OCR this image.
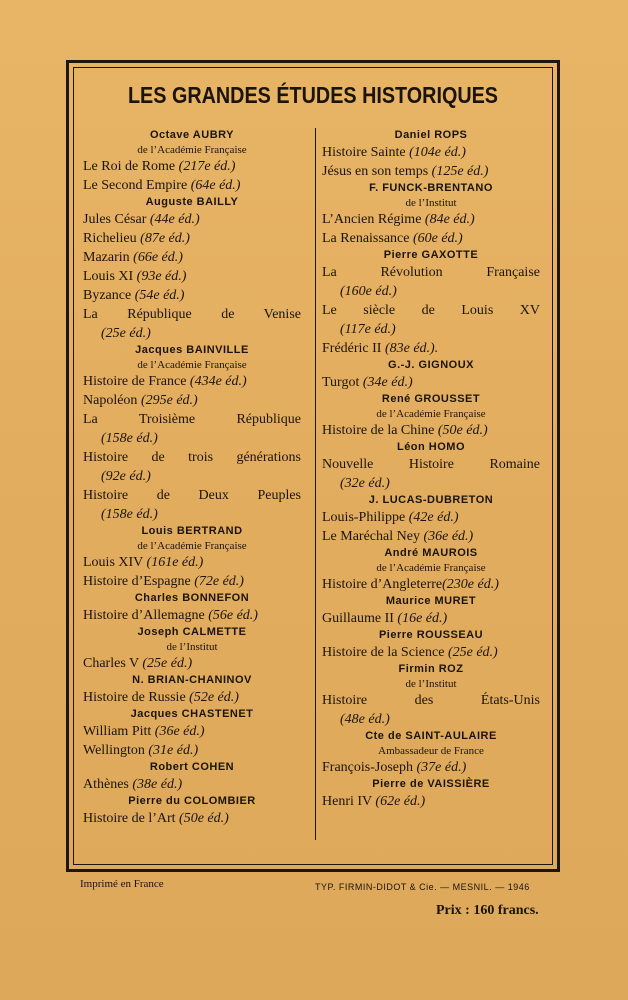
LES GRANDES ÉTUDES HISTORIQUES
Octave AUBRY
de l’Académie Française
Le Roi de Rome (217e éd.)
Le Second Empire (64e éd.)
Auguste BAILLY
Jules César (44e éd.)
Richelieu (87e éd.)
Mazarin (66e éd.)
Louis XI (93e éd.)
Byzance (54e éd.)
La République de Venise
(25e éd.)
Jacques BAINVILLE
de l’Académie Française
Histoire de France (434e éd.)
Napoléon (295e éd.)
La Troisième République
(158e éd.)
Histoire de trois générations
(92e éd.)
Histoire de Deux Peuples
(158e éd.)
Louis BERTRAND
de l’Académie Française
Louis XIV (161e éd.)
Histoire d’Espagne (72e éd.)
Charles BONNEFON
Histoire d’Allemagne (56e éd.)
Joseph CALMETTE
de l’Institut
Charles V (25e éd.)
N. BRIAN-CHANINOV
Histoire de Russie (52e éd.)
Jacques CHASTENET
William Pitt (36e éd.)
Wellington (31e éd.)
Robert COHEN
Athènes (38e éd.)
Pierre du COLOMBIER
Histoire de l’Art (50e éd.)
Daniel ROPS
Histoire Sainte (104e éd.)
Jésus en son temps (125e éd.)
F. FUNCK-BRENTANO
de l’Institut
L’Ancien Régime (84e éd.)
La Renaissance (60e éd.)
Pierre GAXOTTE
La Révolution Française
(160e éd.)
Le siècle de Louis XV
(117e éd.)
Frédéric II (83e éd.).
G.-J. GIGNOUX
Turgot (34e éd.)
René GROUSSET
de l’Académie Française
Histoire de la Chine (50e éd.)
Léon HOMO
Nouvelle Histoire Romaine
(32e éd.)
J. LUCAS-DUBRETON
Louis-Philippe (42e éd.)
Le Maréchal Ney (36e éd.)
André MAUROIS
de l’Académie Française
Histoire d’Angleterre(230e éd.)
Maurice MURET
Guillaume II (16e éd.)
Pierre ROUSSEAU
Histoire de la Science (25e éd.)
Firmin ROZ
de l’Institut
Histoire des États-Unis
(48e éd.)
Cte de SAINT-AULAIRE
Ambassadeur de France
François-Joseph (37e éd.)
Pierre de VAISSIÈRE
Henri IV (62e éd.)
Imprimé en France	TYP. FIRMIN-DIDOT & Cie. — MESNIL. — 1946
Prix : 160 francs.
